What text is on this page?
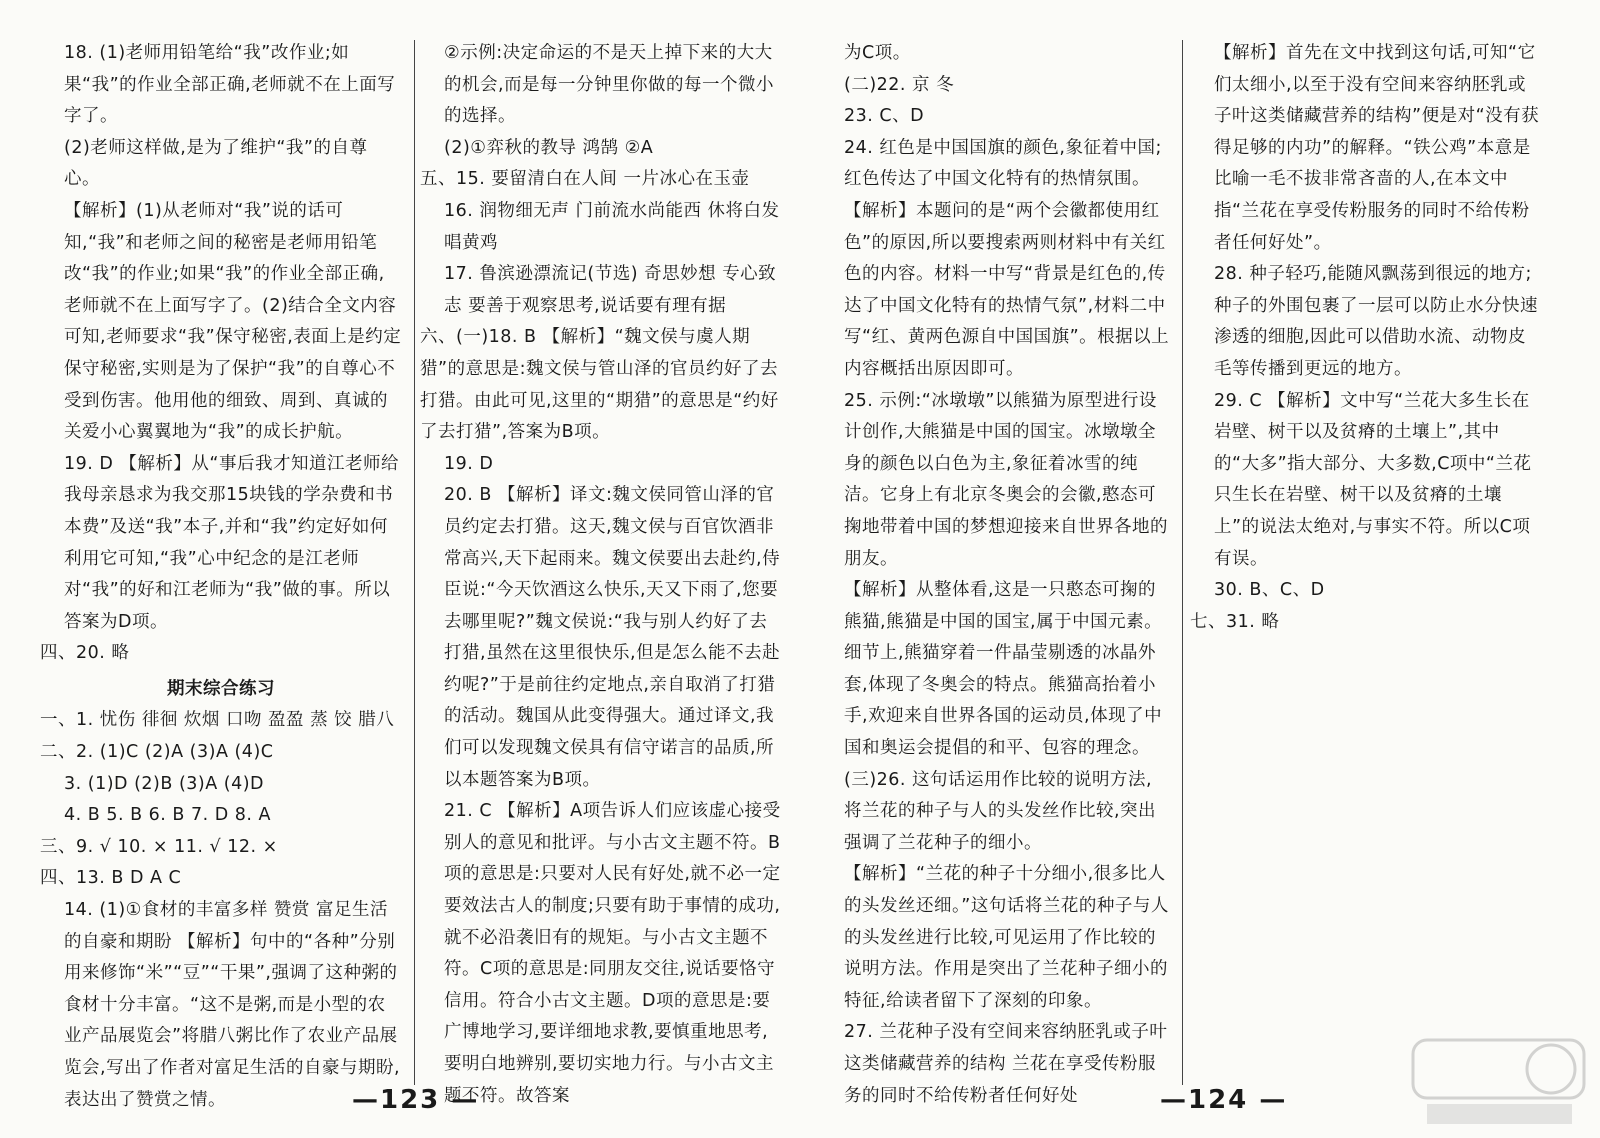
18. (1)老师用铅笔给“我”改作业;如果“我”的作业全部正确,老师就不在上面写字了。

(2)老师这样做,是为了维护“我”的自尊心。

【解析】(1)从老师对“我”说的话可知,“我”和老师之间的秘密是老师用铅笔改“我”的作业;如果“我”的作业全部正确,老师就不在上面写字了。(2)结合全文内容可知,老师要求“我”保守秘密,表面上是约定保守秘密,实则是为了保护“我”的自尊心不受到伤害。他用他的细致、周到、真诚的关爱小心翼翼地为“我”的成长护航。

19. D 【解析】从“事后我才知道江老师给我母亲恳求为我交那15块钱的学杂费和书本费”及送“我”本子,并和“我”约定好如何利用它可知,“我”心中纪念的是江老师对“我”的好和江老师为“我”做的事。所以答案为D项。

四、20. 略

期末综合练习

一、1. 忧伤 徘徊 炊烟 口吻 盈盈 蒸 饺 腊八

二、2. (1)C (2)A (3)A (4)C

3. (1)D (2)B (3)A (4)D

4. B 5. B 6. B 7. D 8. A

三、9. √ 10. × 11. √ 12. ×

四、13. B D A C

14. (1)①食材的丰富多样 赞赏 富足生活的自豪和期盼 【解析】句中的“各种”分别用来修饰“米”“豆”“干果”,强调了这种粥的食材十分丰富。“这不是粥,而是小型的农业产品展览会”将腊八粥比作了农业产品展览会,写出了作者对富足生活的自豪与期盼,表达出了赞赏之情。

②示例:决定命运的不是天上掉下来的大大的机会,而是每一分钟里你做的每一个微小的选择。

(2)①弈秋的教导 鸿鹄 ②A

五、15. 要留清白在人间 一片冰心在玉壶

16. 润物细无声 门前流水尚能西 休将白发唱黄鸡

17. 鲁滨逊漂流记(节选) 奇思妙想 专心致志 要善于观察思考,说话要有理有据

六、(一)18. B 【解析】“魏文侯与虞人期猎”的意思是:魏文侯与管山泽的官员约好了去打猎。由此可见,这里的“期猎”的意思是“约好了去打猎”,答案为B项。

19. D

20. B 【解析】译文:魏文侯同管山泽的官员约定去打猎。这天,魏文侯与百官饮酒非常高兴,天下起雨来。魏文侯要出去赴约,侍臣说:“今天饮酒这么快乐,天又下雨了,您要去哪里呢?”魏文侯说:“我与别人约好了去打猎,虽然在这里很快乐,但是怎么能不去赴约呢?”于是前往约定地点,亲自取消了打猎的活动。魏国从此变得强大。通过译文,我们可以发现魏文侯具有信守诺言的品质,所以本题答案为B项。

21. C 【解析】A项告诉人们应该虚心接受别人的意见和批评。与小古文主题不符。B项的意思是:只要对人民有好处,就不必一定要效法古人的制度;只要有助于事情的成功,就不必沿袭旧有的规矩。与小古文主题不符。C项的意思是:同朋友交往,说话要恪守信用。符合小古文主题。D项的意思是:要广博地学习,要详细地求教,要慎重地思考,要明白地辨别,要切实地力行。与小古文主题不符。故答案

为C项。

(二)22. 京 冬

23. C、D

24. 红色是中国国旗的颜色,象征着中国;红色传达了中国文化特有的热情氛围。

【解析】本题问的是“两个会徽都使用红色”的原因,所以要搜索两则材料中有关红色的内容。材料一中写“背景是红色的,传达了中国文化特有的热情气氛”,材料二中写“红、黄两色源自中国国旗”。根据以上内容概括出原因即可。

25. 示例:“冰墩墩”以熊猫为原型进行设计创作,大熊猫是中国的国宝。冰墩墩全身的颜色以白色为主,象征着冰雪的纯洁。它身上有北京冬奥会的会徽,憨态可掬地带着中国的梦想迎接来自世界各地的朋友。

【解析】从整体看,这是一只憨态可掬的熊猫,熊猫是中国的国宝,属于中国元素。细节上,熊猫穿着一件晶莹剔透的冰晶外套,体现了冬奥会的特点。熊猫高抬着小手,欢迎来自世界各国的运动员,体现了中国和奥运会提倡的和平、包容的理念。

(三)26. 这句话运用作比较的说明方法,将兰花的种子与人的头发丝作比较,突出强调了兰花种子的细小。

【解析】“兰花的种子十分细小,很多比人的头发丝还细。”这句话将兰花的种子与人的头发丝进行比较,可见运用了作比较的说明方法。作用是突出了兰花种子细小的特征,给读者留下了深刻的印象。

27. 兰花种子没有空间来容纳胚乳或子叶这类储藏营养的结构 兰花在享受传粉服务的同时不给传粉者任何好处

【解析】首先在文中找到这句话,可知“它们太细小,以至于没有空间来容纳胚乳或子叶这类储藏营养的结构”便是对“没有获得足够的内功”的解释。“铁公鸡”本意是比喻一毛不拔非常吝啬的人,在本文中指“兰花在享受传粉服务的同时不给传粉者任何好处”。

28. 种子轻巧,能随风飘荡到很远的地方;种子的外围包裹了一层可以防止水分快速渗透的细胞,因此可以借助水流、动物皮毛等传播到更远的地方。

29. C 【解析】文中写“兰花大多生长在岩壁、树干以及贫瘠的土壤上”,其中的“大多”指大部分、大多数,C项中“兰花只生长在岩壁、树干以及贫瘠的土壤上”的说法太绝对,与事实不符。所以C项有误。

30. B、C、D

七、31. 略

—123 —	—124 —
